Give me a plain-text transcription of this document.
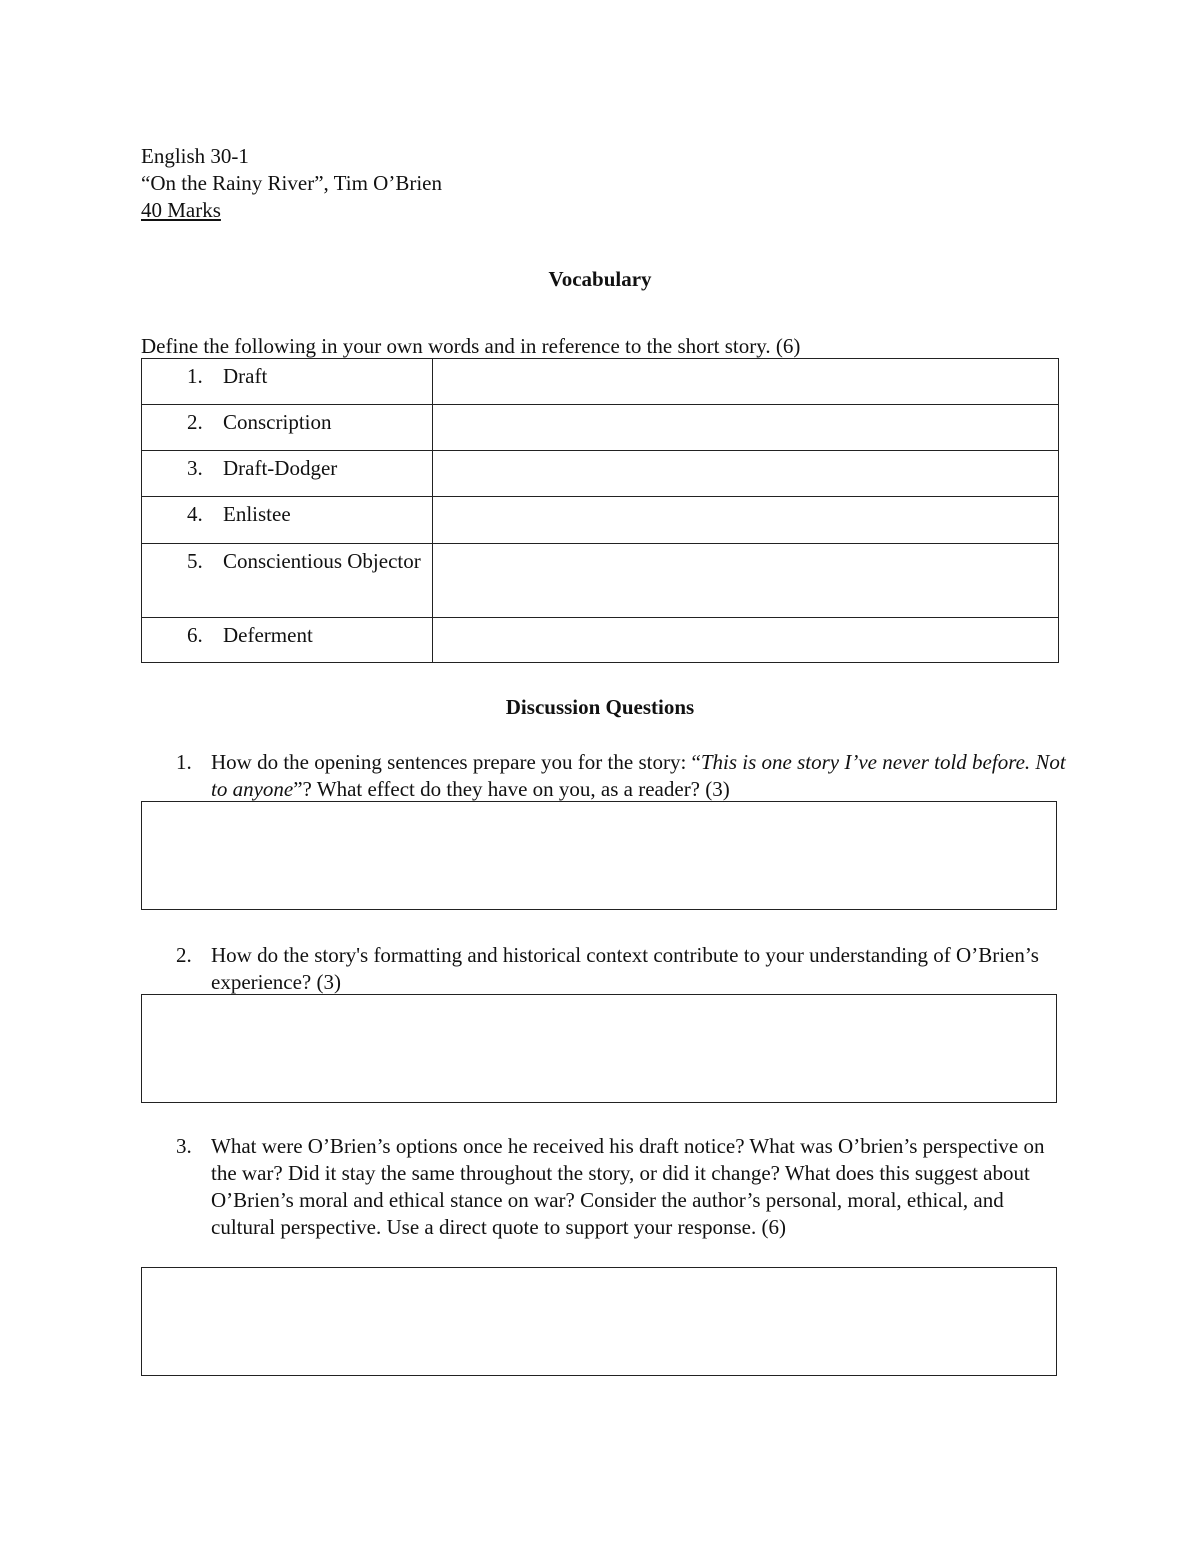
English 30-1
“On the Rainy River”, Tim O’Brien
40 Marks
Vocabulary
Define the following in your own words and in reference to the short story. (6)
1. Draft	

2. Conscription	

3. Draft-Dodger	

4. Enlistee	

5. Conscientious Objector	

6. Deferment	

Discussion Questions
1. How do the opening sentences prepare you for the story: “This is one story I’ve never told before. Not to anyone”? What effect do they have on you, as a reader? (3)
2. How do the story's formatting and historical context contribute to your understanding of O’Brien’s experience? (3)
3. What were O’Brien’s options once he received his draft notice? What was O’brien’s perspective on the war? Did it stay the same throughout the story, or did it change? What does this suggest about O’Brien’s moral and ethical stance on war? Consider the author’s personal, moral, ethical, and cultural perspective. Use a direct quote to support your response. (6)
